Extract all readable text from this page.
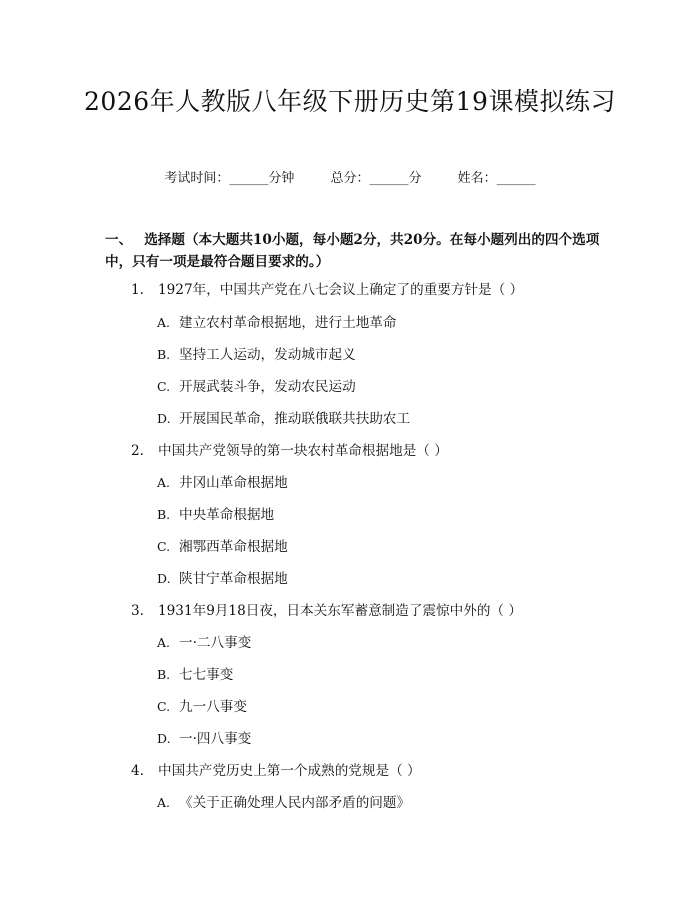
2026年人教版八年级下册历史第19课模拟练习
考试时间：______分钟	总分：______分	姓名：______
一、 选择题（本大题共10小题，每小题2分，共20分。在每小题列出的四个选项中，只有一项是最符合题目要求的。）
1. 1927年，中国共产党在八七会议上确定了的重要方针是（ ）
A. 建立农村革命根据地，进行土地革命
B. 坚持工人运动，发动城市起义
C. 开展武装斗争，发动农民运动
D. 开展国民革命，推动联俄联共扶助农工
2. 中国共产党领导的第一块农村革命根据地是（ ）
A. 井冈山革命根据地
B. 中央革命根据地
C. 湘鄂西革命根据地
D. 陕甘宁革命根据地
3. 1931年9月18日夜，日本关东军蓄意制造了震惊中外的（ ）
A. 一·二八事变
B. 七七事变
C. 九一八事变
D. 一·四八事变
4. 中国共产党历史上第一个成熟的党规是（ ）
A. 《关于正确处理人民内部矛盾的问题》
